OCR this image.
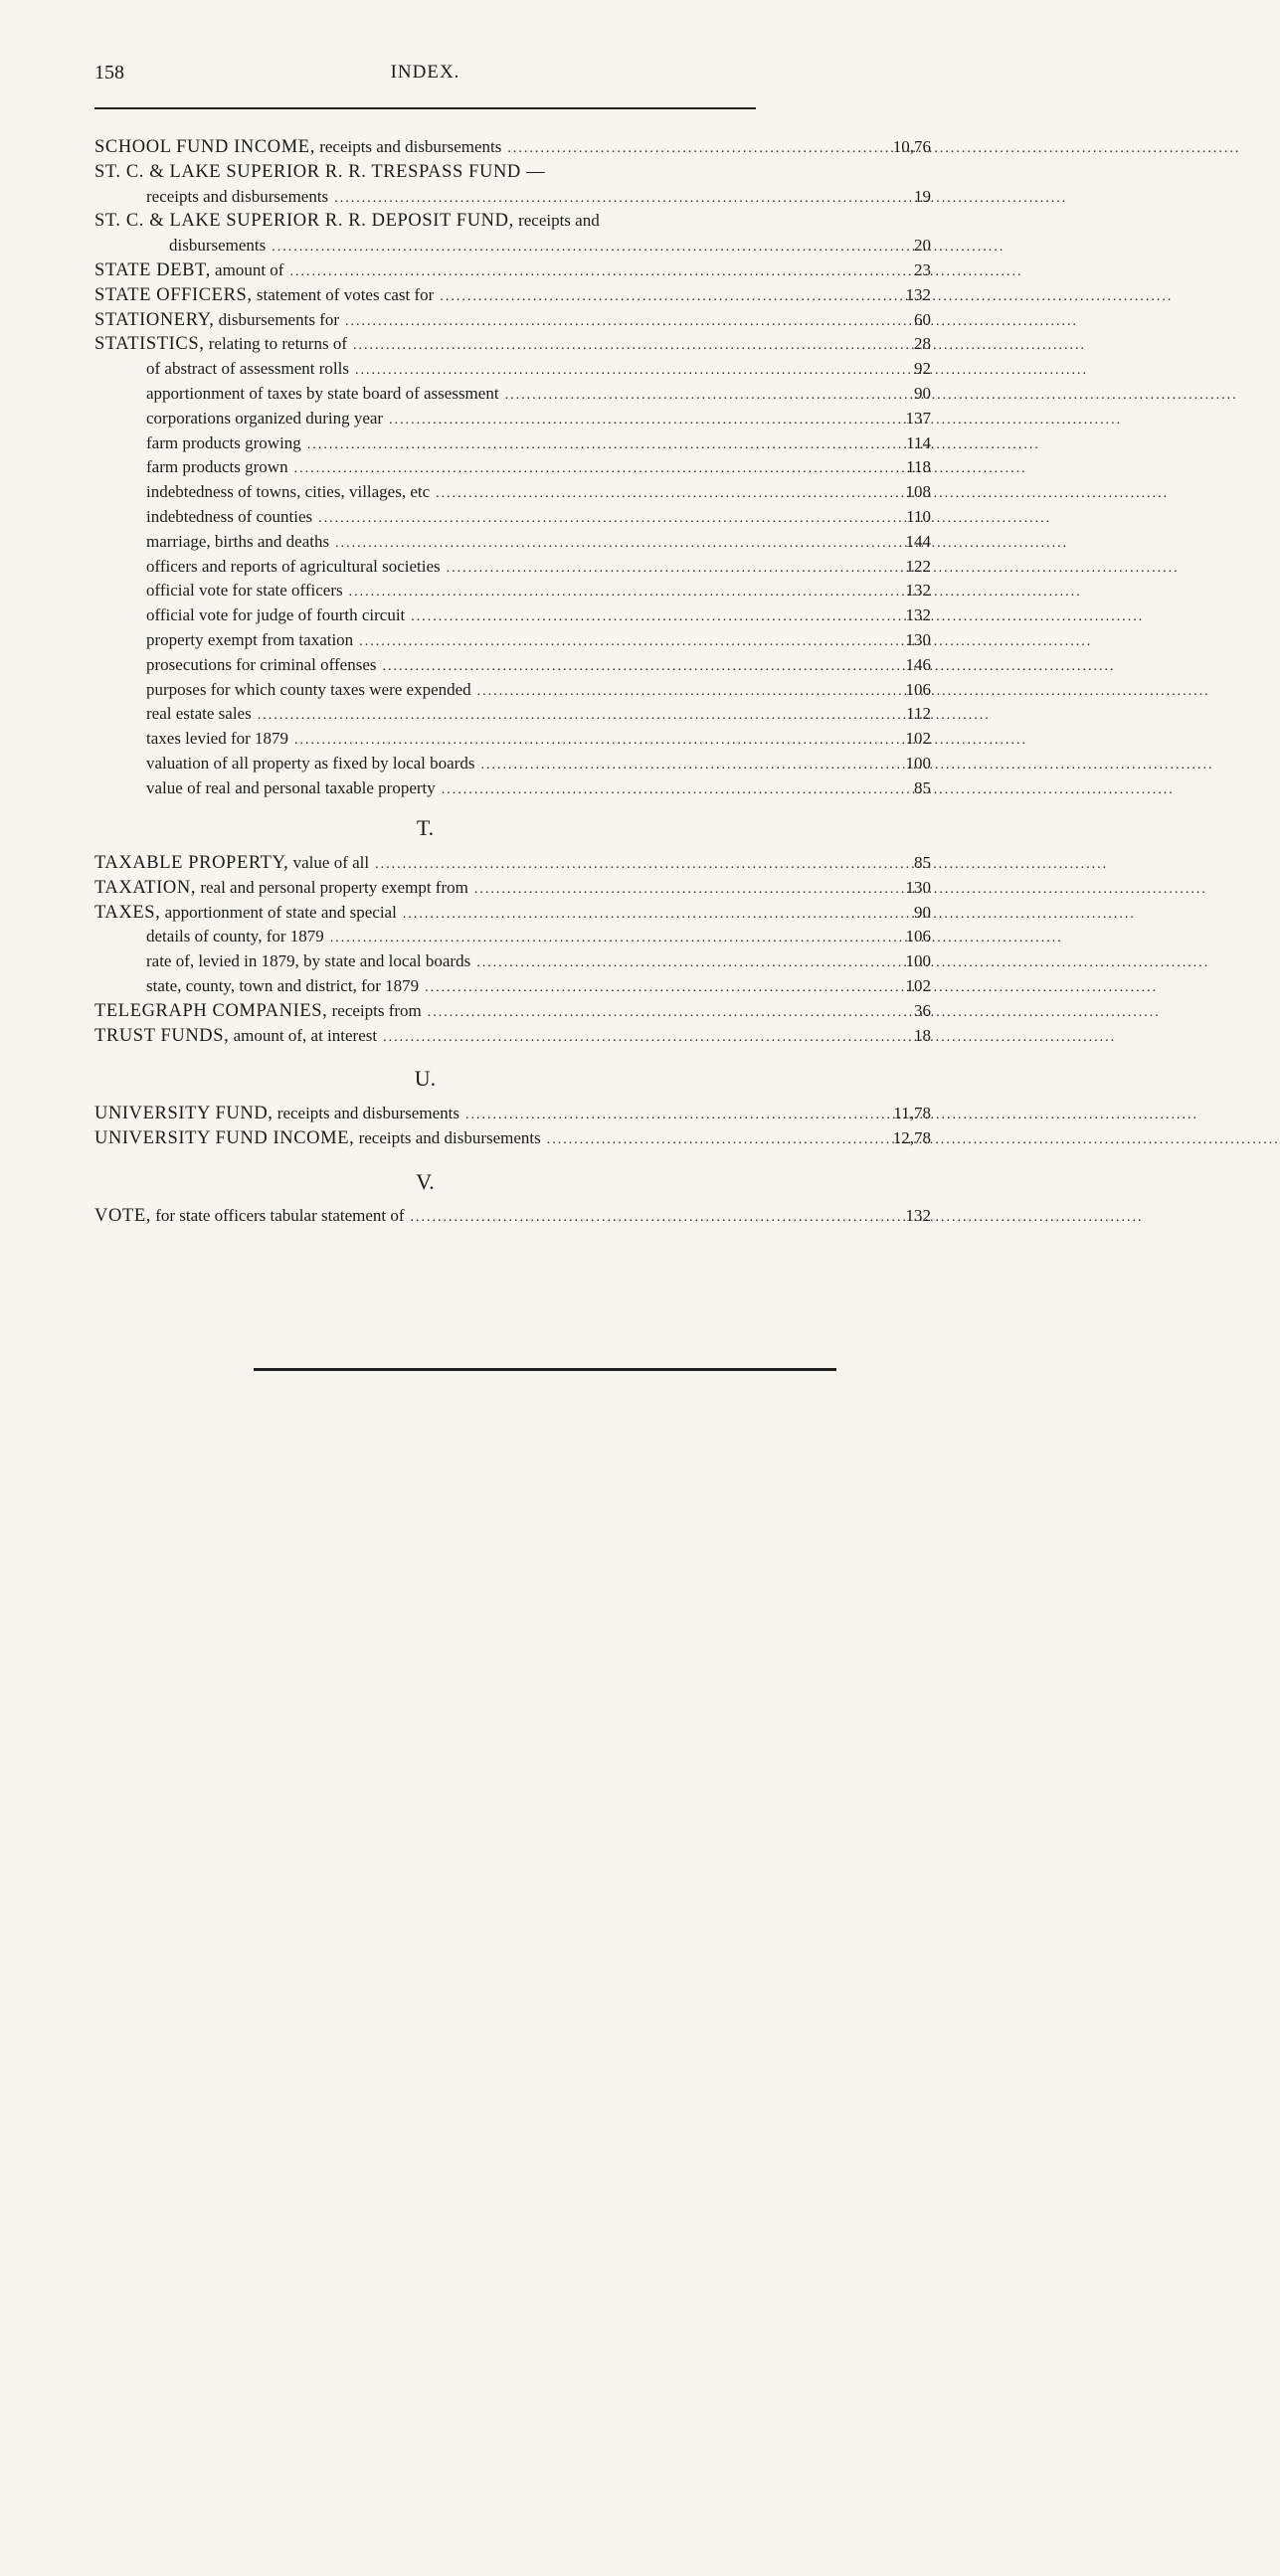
158	INDEX.
SCHOOL FUND INCOME, receipts and disbursements .....	10,76
ST. C. & LAKE SUPERIOR R. R. TRESPASS FUND —
receipts and disbursements .....	19
ST. C. & LAKE SUPERIOR R. R. DEPOSIT FUND, receipts and
disbursements .....	20
STATE DEBT, amount of .....	23
STATE OFFICERS, statement of votes cast for .....	132
STATIONERY, disbursements for .....	60
STATISTICS, relating to returns of .....	28
of abstract of assessment rolls .....	92
apportionment of taxes by state board of assessment .....	90
corporations organized during year .....	137
farm products growing .....	114
farm products grown .....	118
indebtedness of towns, cities, villages, etc .....	108
indebtedness of counties .....	110
marriage, births and deaths .....	144
officers and reports of agricultural societies .....	122
official vote for state officers .....	132
official vote for judge of fourth circuit .....	132
property exempt from taxation .....	130
prosecutions for criminal offenses .....	146
purposes for which county taxes were expended .....	106
real estate sales .....	112
taxes levied for 1879 .....	102
valuation of all property as fixed by local boards .....	100
value of real and personal taxable property .....	85
T.
TAXABLE PROPERTY, value of all .....	85
TAXATION, real and personal property exempt from .....	130
TAXES, apportionment of state and special .....	90
details of county, for 1879 .....	106
rate of, levied in 1879, by state and local boards .....	100
state, county, town and district, for 1879 .....	102
TELEGRAPH COMPANIES, receipts from .....	36
TRUST FUNDS, amount of, at interest .....	18
U.
UNIVERSITY FUND, receipts and disbursements .....	11,78
UNIVERSITY FUND INCOME, receipts and disbursements .....	12,78
V.
VOTE, for state officers tabular statement of .....	132
